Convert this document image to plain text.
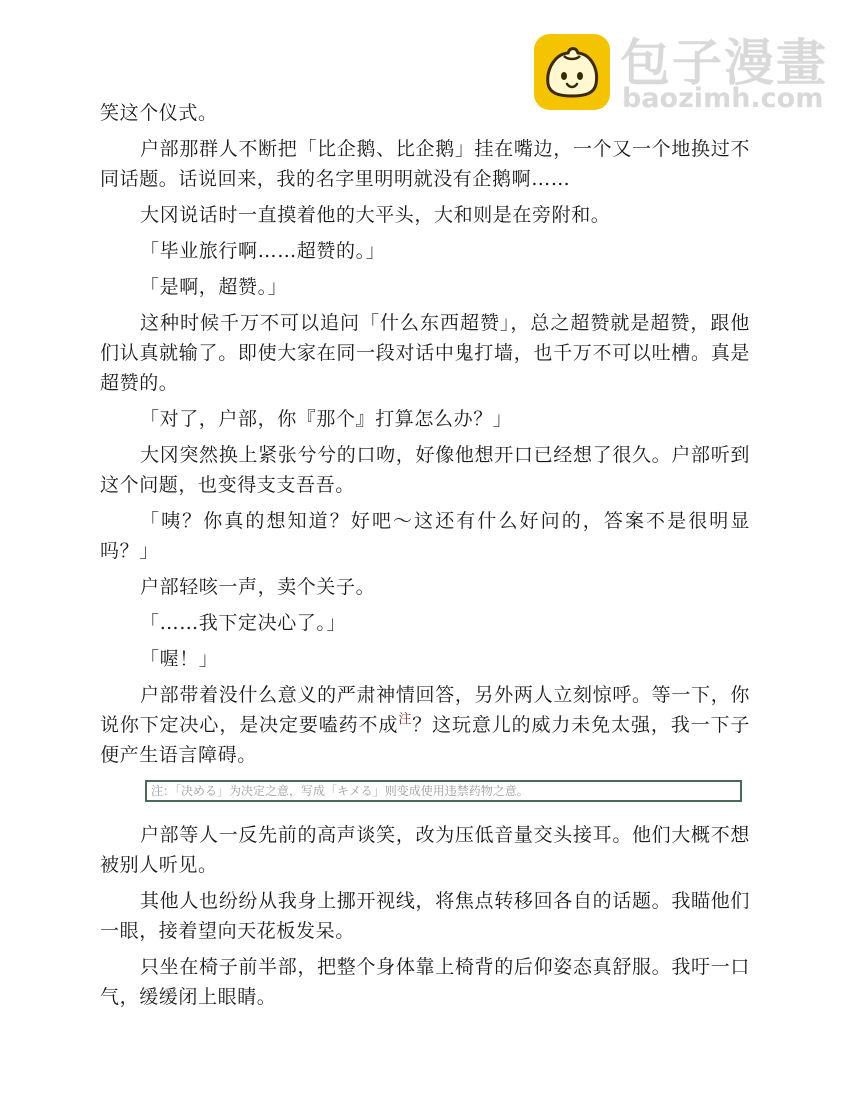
包子漫畫
baozimh.com

笑这个仪式。

户部那群人不断把「比企鹅、比企鹅」挂在嘴边，一个又一个地换过不同话题。话说回来，我的名字里明明就没有企鹅啊……

大冈说话时一直摸着他的大平头，大和则是在旁附和。

「毕业旅行啊……超赞的。」

「是啊，超赞。」

这种时候千万不可以追问「什么东西超赞」，总之超赞就是超赞，跟他们认真就输了。即使大家在同一段对话中鬼打墙，也千万不可以吐槽。真是超赞的。

「对了，户部，你『那个』打算怎么办？」

大冈突然换上紧张兮兮的口吻，好像他想开口已经想了很久。户部听到这个问题，也变得支支吾吾。

「咦？你真的想知道？好吧～这还有什么好问的，答案不是很明显吗？」

户部轻咳一声，卖个关子。

「……我下定决心了。」

「喔！」

户部带着没什么意义的严肃神情回答，另外两人立刻惊呼。等一下，你说你下定决心，是决定要嗑药不成$^注$？这玩意儿的威力未免太强，我一下子便产生语言障碍。

注：「决める」为决定之意，写成「キメる」则变成使用违禁药物之意。

户部等人一反先前的高声谈笑，改为压低音量交头接耳。他们大概不想被别人听见。

其他人也纷纷从我身上挪开视线，将焦点转移回各自的话题。我瞄他们一眼，接着望向天花板发呆。

只坐在椅子前半部，把整个身体靠上椅背的后仰姿态真舒服。我吁一口气，缓缓闭上眼睛。
